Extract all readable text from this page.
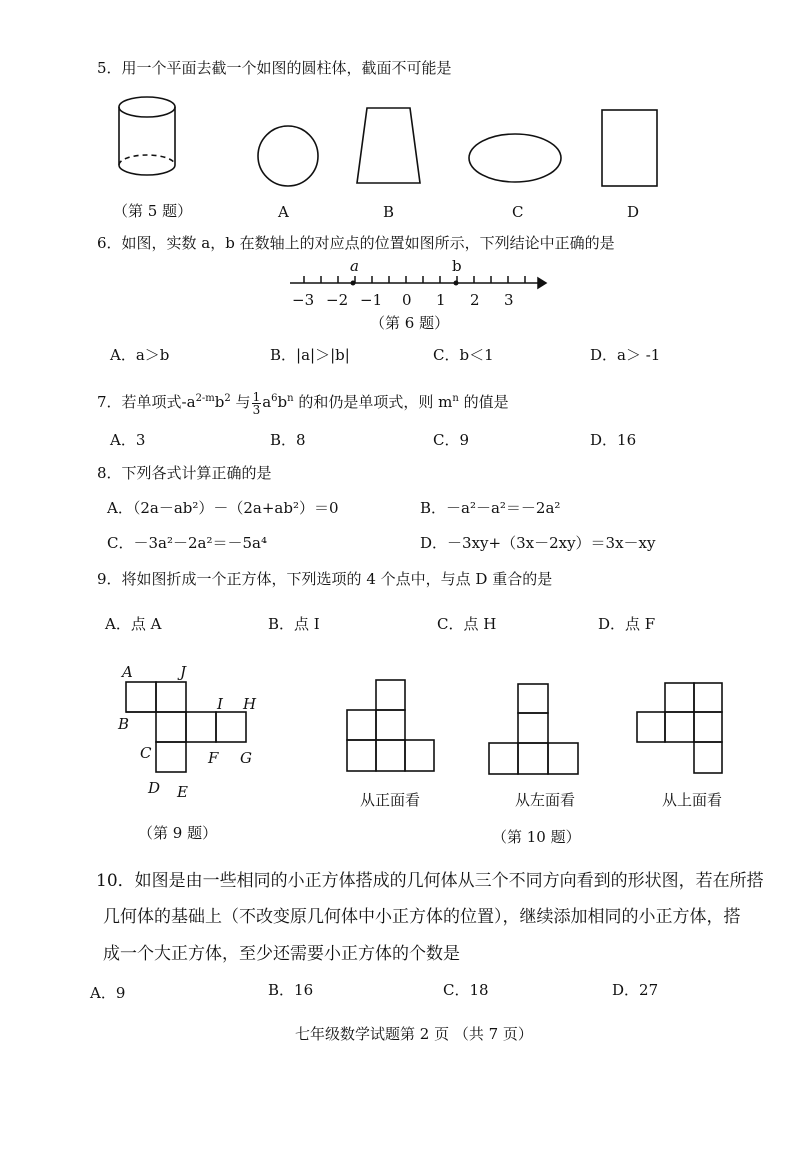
5．用一个平面去截一个如图的圆柱体，截面不可能是
（第 5 题）	A	B	C	D
6．如图，实数 a，b 在数轴上的对应点的位置如图所示，下列结论中正确的是
a	b
−3 −2 −1 0 1 2 3
（第 6 题）
A．a＞b	B．|a|＞|b|	C．b＜1	D．a＞ -1
7．若单项式$-a^{2-m}b^2$ 与 $\frac{1}{3} a^6b^n$ 的和仍是单项式，则 $m^n$ 的值是
A．3	B．8	C．9	D．16
8．下列各式计算正确的是
A．（2a－ab²）－（2a+ab²）＝0	B．－a²－a²＝－2a²
C．－3a²－2a²＝－5a⁴	D．－3xy+（3x－2xy）＝3x－xy
9．将如图折成一个正方体，下列选项的 4 个点中，与点 D 重合的是
A．点 A	B．点 I	C．点 H	D．点 F
A	J
I H
B
C	F G
D E
（第 9 题）
从正面看	从左面看	从上面看
（第 10 题）
10．如图是由一些相同的小正方体搭成的几何体从三个不同方向看到的形状图，若在所搭
几何体的基础上（不改变原几何体中小正方体的位置），继续添加相同的小正方体，搭
成一个大正方体，至少还需要小正方体的个数是
A．9	B．16	C．18	D．27
七年级数学试题第 2 页 （共 7 页）
